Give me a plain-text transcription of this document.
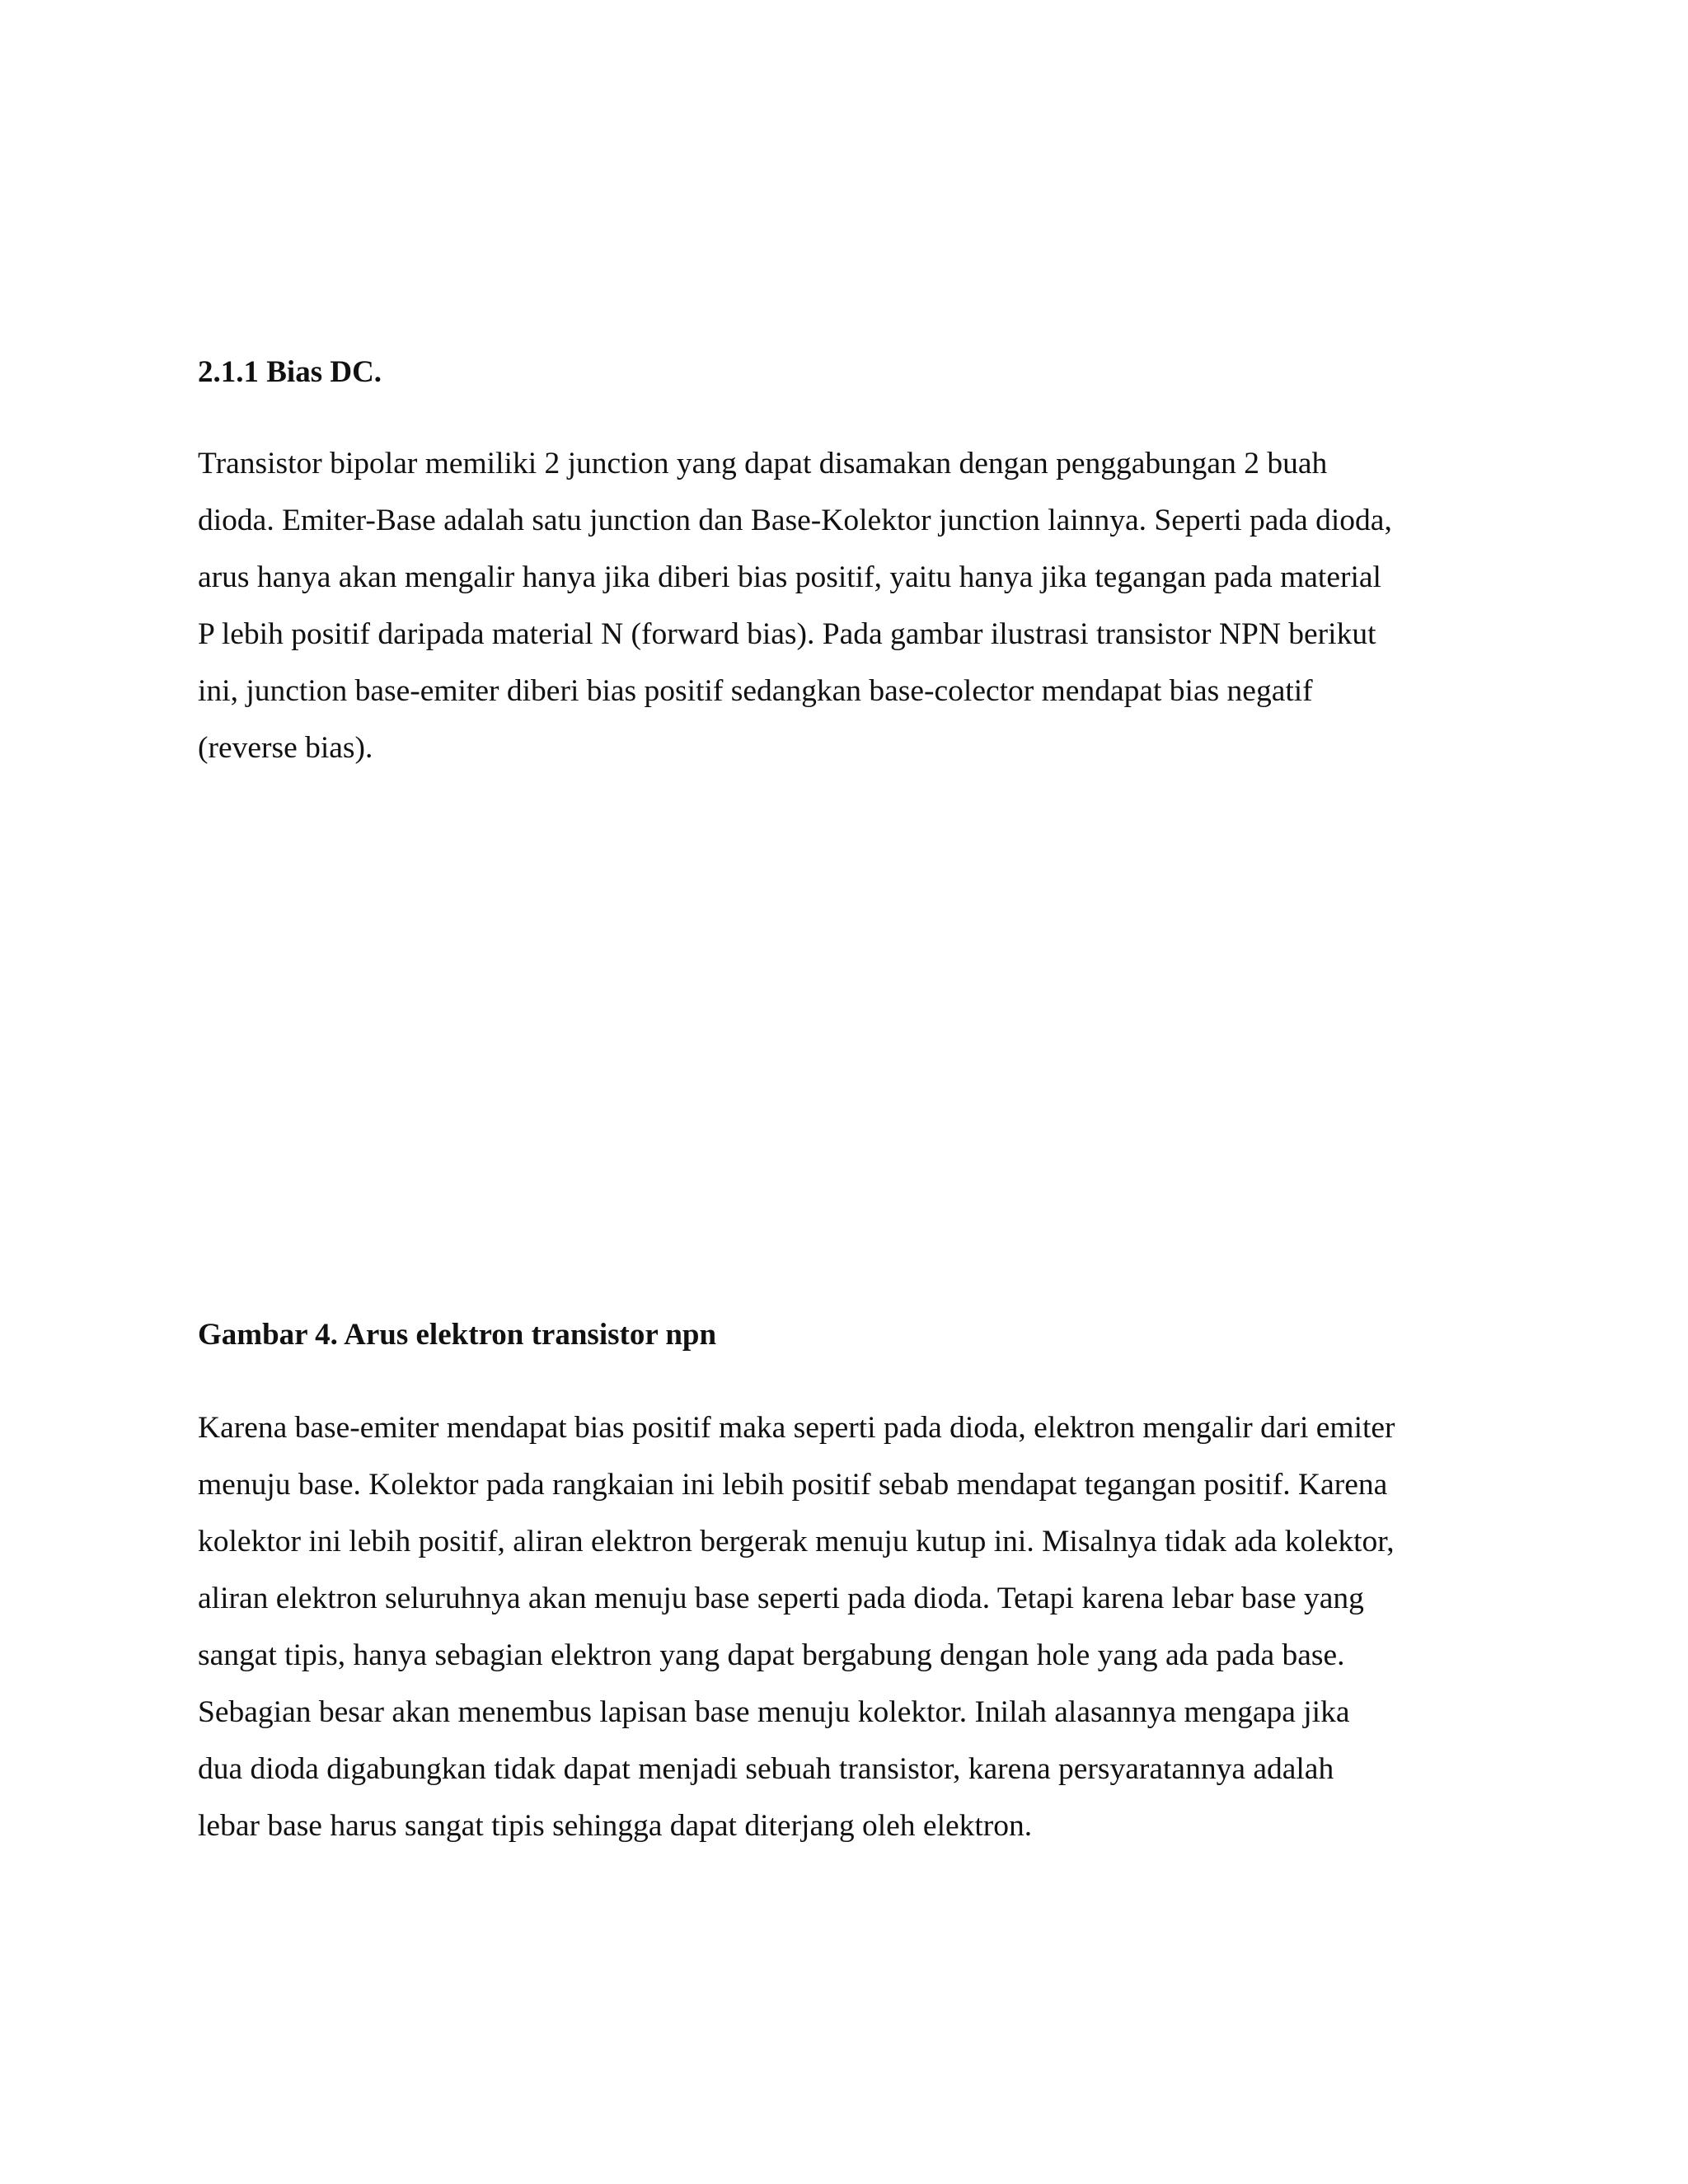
2.1.1 Bias DC.

Transistor bipolar memiliki 2 junction yang dapat disamakan dengan penggabungan 2 buah
dioda. Emiter-Base adalah satu junction dan Base-Kolektor junction lainnya. Seperti pada dioda,
arus hanya akan mengalir hanya jika diberi bias positif, yaitu hanya jika tegangan pada material
P lebih positif daripada material N (forward bias). Pada gambar ilustrasi transistor NPN berikut
ini, junction base-emiter diberi bias positif sedangkan base-colector mendapat bias negatif
(reverse bias).

Gambar 4. Arus elektron transistor npn

Karena base-emiter mendapat bias positif maka seperti pada dioda, elektron mengalir dari emiter
menuju base. Kolektor pada rangkaian ini lebih positif sebab mendapat tegangan positif. Karena
kolektor ini lebih positif, aliran elektron bergerak menuju kutup ini. Misalnya tidak ada kolektor,
aliran elektron seluruhnya akan menuju base seperti pada dioda. Tetapi karena lebar base yang
sangat tipis, hanya sebagian elektron yang dapat bergabung dengan hole yang ada pada base.
Sebagian besar akan menembus lapisan base menuju kolektor. Inilah alasannya mengapa jika
dua dioda digabungkan tidak dapat menjadi sebuah transistor, karena persyaratannya adalah
lebar base harus sangat tipis sehingga dapat diterjang oleh elektron.
